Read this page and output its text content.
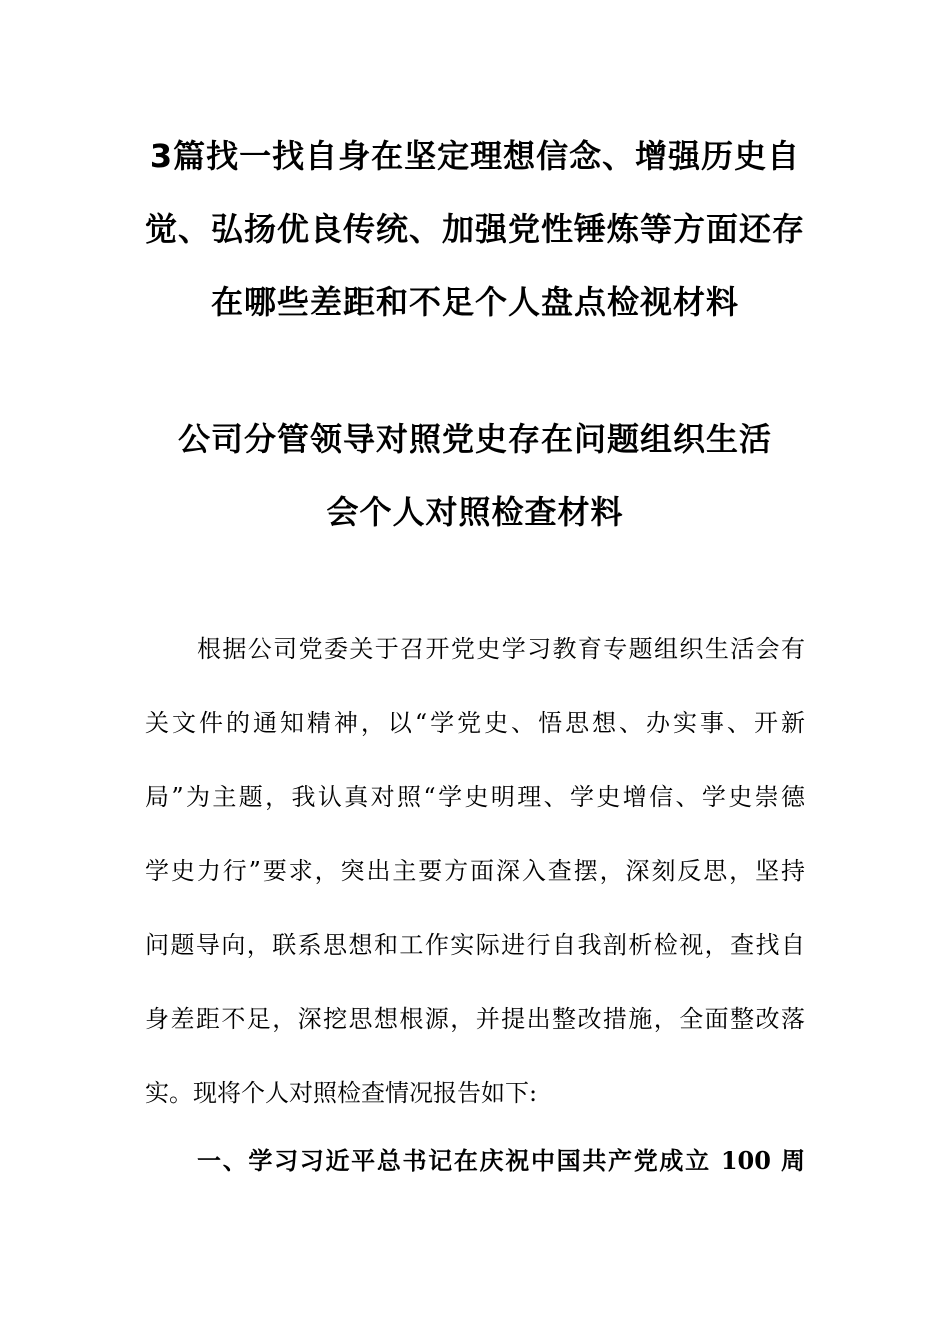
3篇找一找自身在坚定理想信念、增强历史自
觉、弘扬优良传统、加强党性锤炼等方面还存
在哪些差距和不足个人盘点检视材料
公司分管领导对照党史存在问题组织生活
会个人对照检查材料

根据公司党委关于召开党史学习教育专题组织生活会有
关文件的通知精神，以“学党史、悟思想、办实事、开新
局”为主题，我认真对照“学史明理、学史增信、学史崇德
学史力行”要求，突出主要方面深入查摆，深刻反思，坚持
问题导向，联系思想和工作实际进行自我剖析检视，查找自
身差距不足，深挖思想根源，并提出整改措施，全面整改落
实。现将个人对照检查情况报告如下:

一、学习习近平总书记在庆祝中国共产党成立 100 周
